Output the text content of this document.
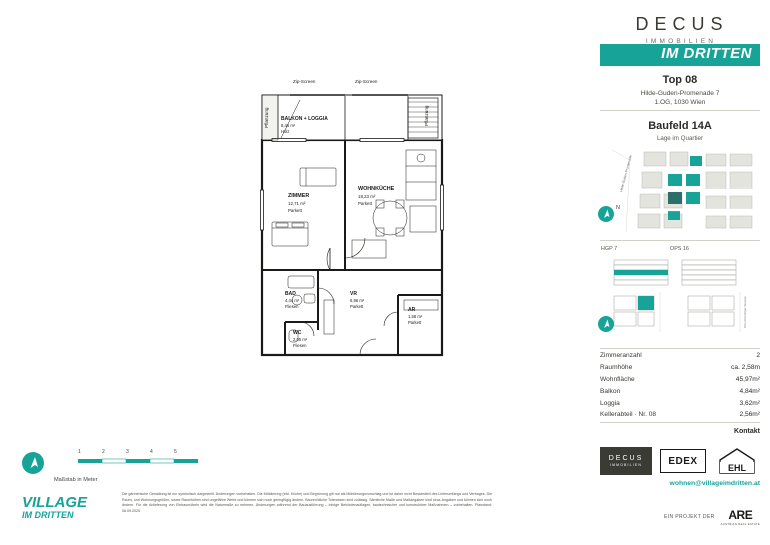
Zip-Screen	Zip-Screen
Pflanzung	Pflanzung
BALKON + LOGGIA
8,46 m²
Holz
ZIMMER
12,71 m²
Parkett
WOHNKÜCHE
18,23 m²
Parkett
BAD
4,44 m²
Fliesen
VR
6,96 m²
Parkett
AR
1,58 m²
Parkett
WC
2,05 m²
Fliesen
1	2	3	4	5
Maßstab in Meter
VILLAGE
IM DRITTEN
Die gärtnerische Gestaltung ist nur symbolisch dargestellt. Änderungen vorbehalten. Die Möblierung (inkl. Küche) und Begrünung gilt nur als Möblierungsvorschlag und ist daher nicht Bestandteil des Lieferumfangs und Vertrages. Die Raum- und Wohnungsgrößen, sowie Raumhöhen sind ungefähre Werte und können sich noch geringfügig ändern. Baurechtliche Toleranzen sind zulässig. Sämtliche Maße und Maßangaben sind circa-Angaben und können sich noch ändern. Für die Anlieferung von Einbaumöbeln wird die Naturmaße zu nehmen. Änderungen während der Bauausführung – infolge Behördenauflagen, bautechnischer und konstruktiver Maßnahmen – vorbehalten. Planstand: 08.09.2025
DECUS
IMMOBILIEN
IM DRITTEN
Top 08
Hilde-Guden-Promenade 7
1.OG, 1030 Wien
Baufeld 14A
Lage im Quartier
Hilde-Guden-Promenade
N
Otto-Preminger-Strasse
HGP 7	OPS 16
Zimmeranzahl	2
Raumhöhe	ca. 2,58m
Wohnfläche	45,97m²
Balkon	4,84m²
Loggia	3,62m²
Kellerabteil · Nr. 08	2,56m²
Kontakt
DECUS
IMMOBILIEN	EDEX
EHL
wohnen@villageimdritten.at
EIN PROJEKT DER	ARE
AUSTRIAN REAL ESTATE
